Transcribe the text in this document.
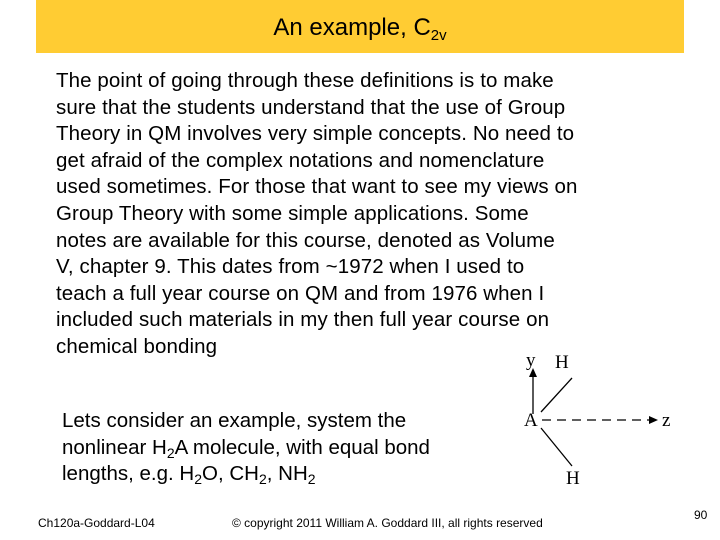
An example, $C_{2v}$
The point of going through these definitions is to make
sure that the students understand that the use of Group
Theory in QM involves very simple concepts. No need to
get afraid of the complex notations and nomenclature
used sometimes. For those that want to see my views on
Group Theory with some simple applications. Some
notes are available for this course, denoted as Volume
V, chapter 9. This dates from ~1972 when I used to
teach a full year course on QM and from 1976 when I
included such materials in my then full year course on
chemical bonding
Lets consider an example, system the
nonlinear $H_2A$ molecule, with equal bond
lengths, e.g. $H_2O$, $CH_2$, $NH_2$
y H
A	z
H
Ch120a-Goddard-L04	© copyright 2011 William A. Goddard III, all rights reserved
90
